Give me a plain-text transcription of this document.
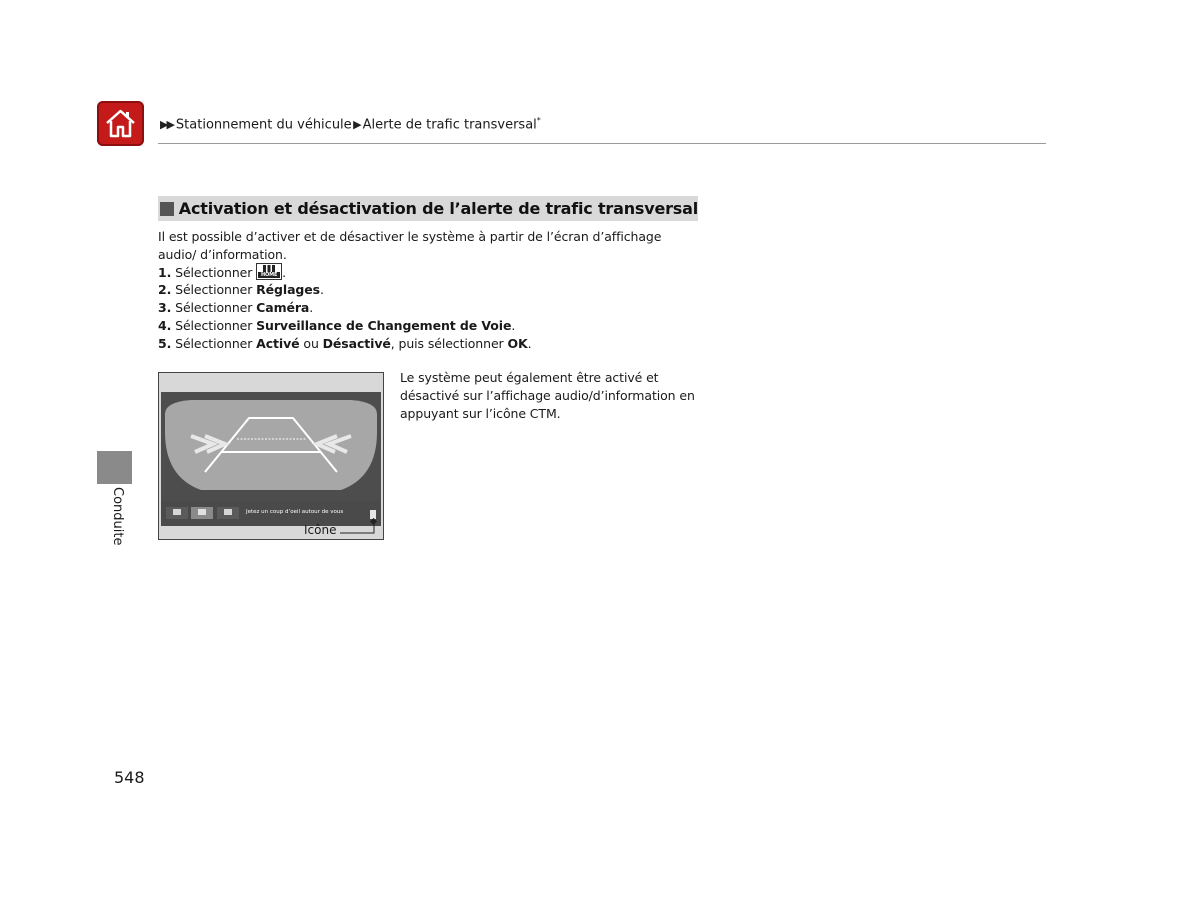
▶▶ Stationnement du véhicule ▶ Alerte de trafic transversal*
Activation et désactivation de l’alerte de trafic transversal
Il est possible d’activer et de désactiver le système à partir de l’écran d’affichage audio/ d’information.
1. Sélectionner HOME .
2. Sélectionner Réglages.
3. Sélectionner Caméra.
4. Sélectionner Surveillance de Changement de Voie.
5. Sélectionner Activé ou Désactivé, puis sélectionner OK.
Jetez un coup d’oeil autour de vous
Icône
Le système peut également être activé et désactivé sur l’affichage audio/d’information en appuyant sur l’icône CTM.
Conduite
548
